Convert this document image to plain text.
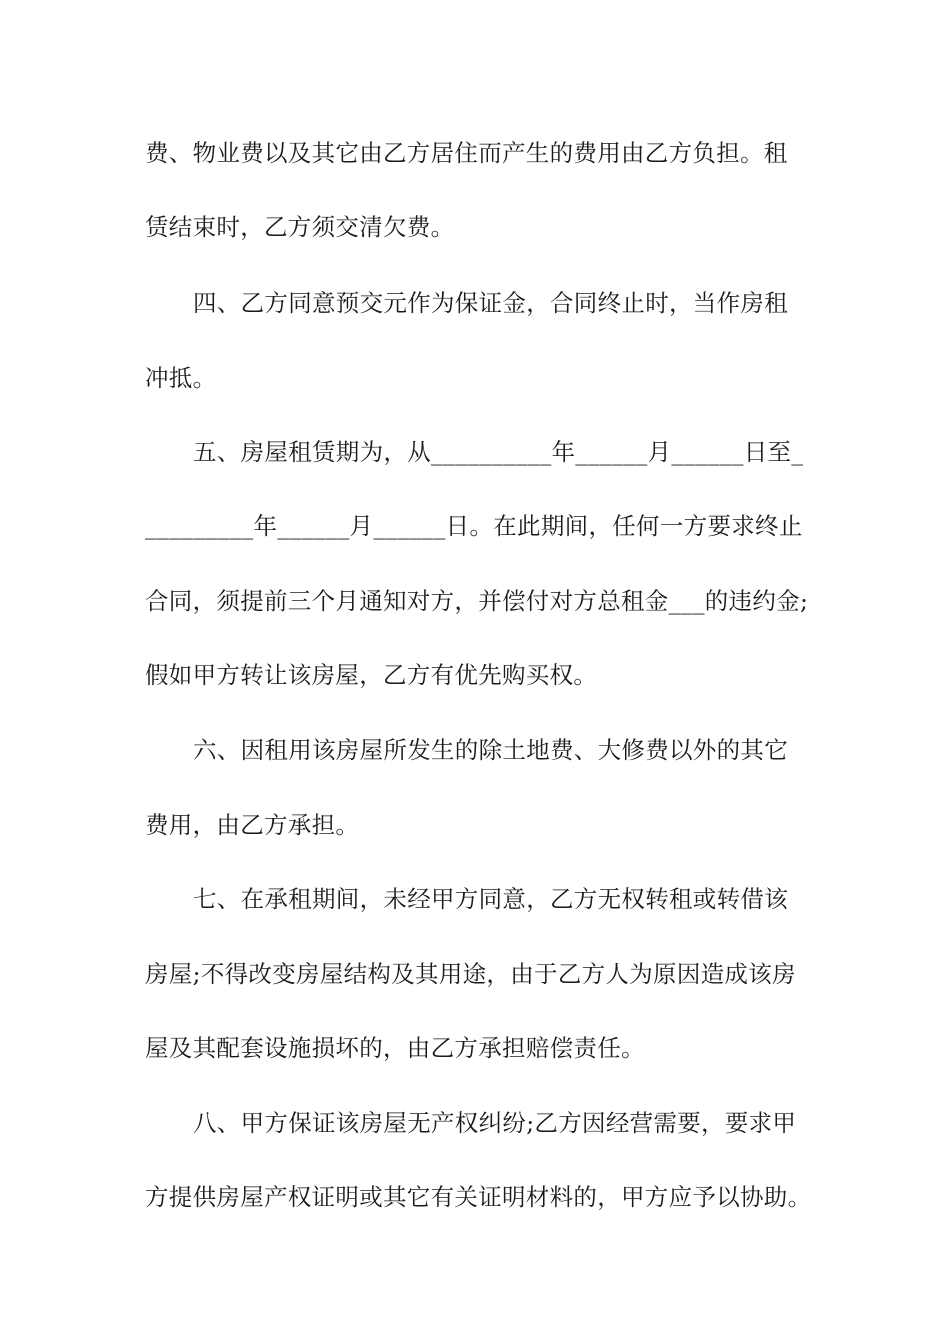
费、物业费以及其它由乙方居住而产生的费用由乙方负担。租
赁结束时，乙方须交清欠费。
四、乙方同意预交元作为保证金，合同终止时，当作房租
冲抵。
五、房屋租赁期为，从__________年______月______日至_
_________年______月______日。在此期间，任何一方要求终止
合同，须提前三个月通知对方，并偿付对方总租金___的违约金;
假如甲方转让该房屋，乙方有优先购买权。
六、因租用该房屋所发生的除土地费、大修费以外的其它
费用，由乙方承担。
七、在承租期间，未经甲方同意，乙方无权转租或转借该
房屋;不得改变房屋结构及其用途，由于乙方人为原因造成该房
屋及其配套设施损坏的，由乙方承担赔偿责任。
八、甲方保证该房屋无产权纠纷;乙方因经营需要，要求甲
方提供房屋产权证明或其它有关证明材料的，甲方应予以协助。
